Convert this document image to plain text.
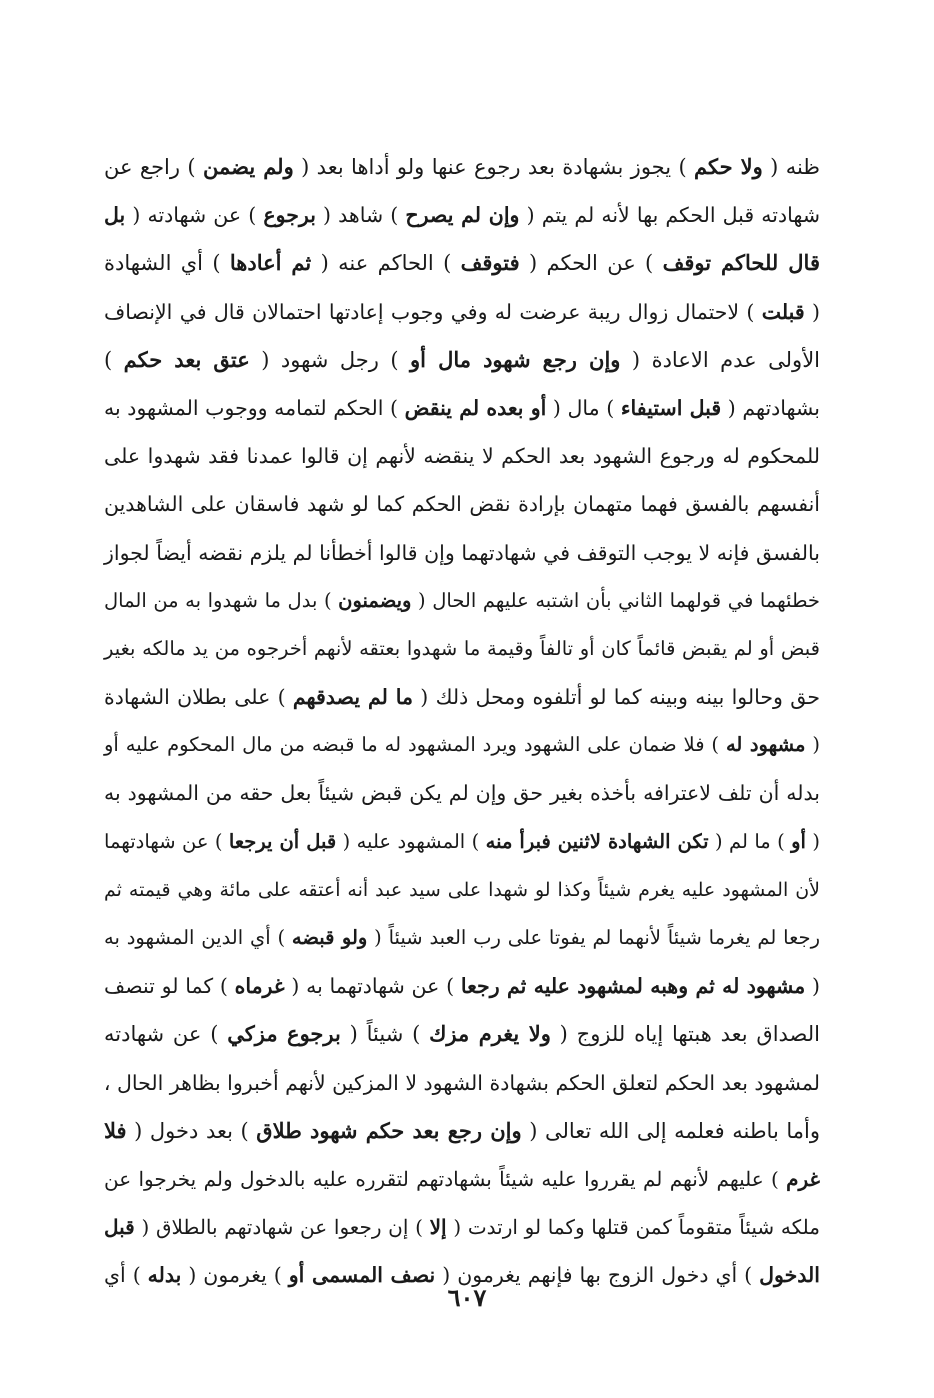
ظنه ( ولا حكم ) يجوز بشهادة بعد رجوع عنها ولو أداها بعد ( ولم يضمن ) راجع عن
شهادته قبل الحكم بها لأنه لم يتم ( وإن لم يصرح ) شاهد ( برجوع ) عن شهادته ( بل
قال للحاكم توقف ) عن الحكم ( فتوقف ) الحاكم عنه ( ثم أعادها ) أي الشهادة
( قبلت ) لاحتمال زوال ريبة عرضت له وفي وجوب إعادتها احتمالان قال في الإنصاف
الأولى عدم الاعادة ( وإن رجع شهود مال أو ) رجل شهود ( عتق بعد حكم )
بشهادتهم ( قبل استيفاء ) مال ( أو بعده لم ينقض ) الحكم لتمامه ووجوب المشهود به
للمحكوم له ورجوع الشهود بعد الحكم لا ينقضه لأنهم إن قالوا عمدنا فقد شهدوا على
أنفسهم بالفسق فهما متهمان بإرادة نقض الحكم كما لو شهد فاسقان على الشاهدين
بالفسق فإنه لا يوجب التوقف في شهادتهما وإن قالوا أخطأنا لم يلزم نقضه أيضاً لجواز
خطئهما في قولهما الثاني بأن اشتبه عليهم الحال ( ويضمنون ) بدل ما شهدوا به من المال
قبض أو لم يقبض قائماً كان أو تالفاً وقيمة ما شهدوا بعتقه لأنهم أخرجوه من يد مالكه بغير
حق وحالوا بينه وبينه كما لو أتلفوه ومحل ذلك ( ما لم يصدقهم ) على بطلان الشهادة
( مشهود له ) فلا ضمان على الشهود ويرد المشهود له ما قبضه من مال المحكوم عليه أو
بدله أن تلف لاعترافه بأخذه بغير حق وإن لم يكن قبض شيئاً بعل حقه من المشهود به
( أو ) ما لم ( تكن الشهادة لاثنين فبرأ منه ) المشهود عليه ( قبل أن يرجعا ) عن شهادتهما
لأن المشهود عليه يغرم شيئاً وكذا لو شهدا على سيد عبد أنه أعتقه على مائة وهي قيمته ثم
رجعا لم يغرما شيئاً لأنهما لم يفوتا على رب العبد شيئاً ( ولو قبضه ) أي الدين المشهود به
( مشهود له ثم وهبه لمشهود عليه ثم رجعا ) عن شهادتهما به ( غرماه ) كما لو تنصف
الصداق بعد هبتها إياه للزوج ( ولا يغرم مزك ) شيئاً ( برجوع مزكي ) عن شهادته
لمشهود بعد الحكم لتعلق الحكم بشهادة الشهود لا المزكين لأنهم أخبروا بظاهر الحال ،
وأما باطنه فعلمه إلى الله تعالى ( وإن رجع بعد حكم شهود طلاق ) بعد دخول ( فلا
غرم ) عليهم لأنهم لم يقرروا عليه شيئاً بشهادتهم لتقرره عليه بالدخول ولم يخرجوا عن
ملكه شيئاً متقوماً كمن قتلها وكما لو ارتدت ( إلا ) إن رجعوا عن شهادتهم بالطلاق ( قبل
الدخول ) أي دخول الزوج بها فإنهم يغرمون ( نصف المسمى أو ) يغرمون ( بدله ) أي
٦٠٧
